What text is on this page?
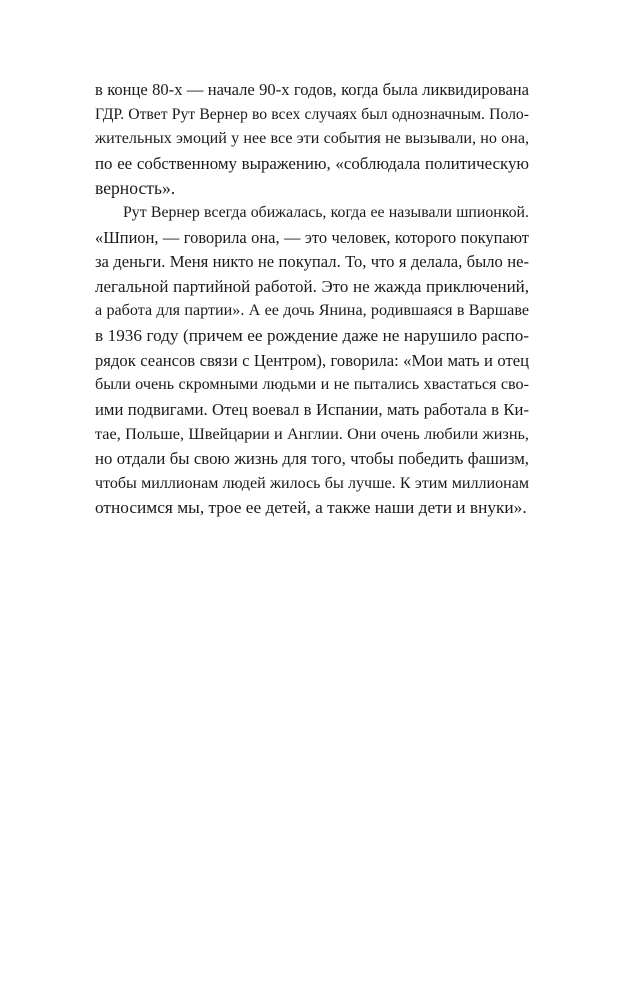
в конце 80-х — начале 90-х годов, когда была ликвидирована
ГДР. Ответ Рут Вернер во всех случаях был однозначным. Поло-
жительных эмоций у нее все эти события не вызывали, но она,
по ее собственному выражению, «соблюдала политическую
верность».
Рут Вернер всегда обижалась, когда ее называли шпионкой.
«Шпион, — говорила она, — это человек, которого покупают
за деньги. Меня никто не покупал. То, что я делала, было не-
легальной партийной работой. Это не жажда приключений,
а работа для партии». А ее дочь Янина, родившаяся в Варшаве
в 1936 году (причем ее рождение даже не нарушило распо-
рядок сеансов связи с Центром), говорила: «Мои мать и отец
были очень скромными людьми и не пытались хвастаться сво-
ими подвигами. Отец воевал в Испании, мать работала в Ки-
тае, Польше, Швейцарии и Англии. Они очень любили жизнь,
но отдали бы свою жизнь для того, чтобы победить фашизм,
чтобы миллионам людей жилось бы лучше. К этим миллионам
относимся мы, трое ее детей, а также наши дети и внуки».
